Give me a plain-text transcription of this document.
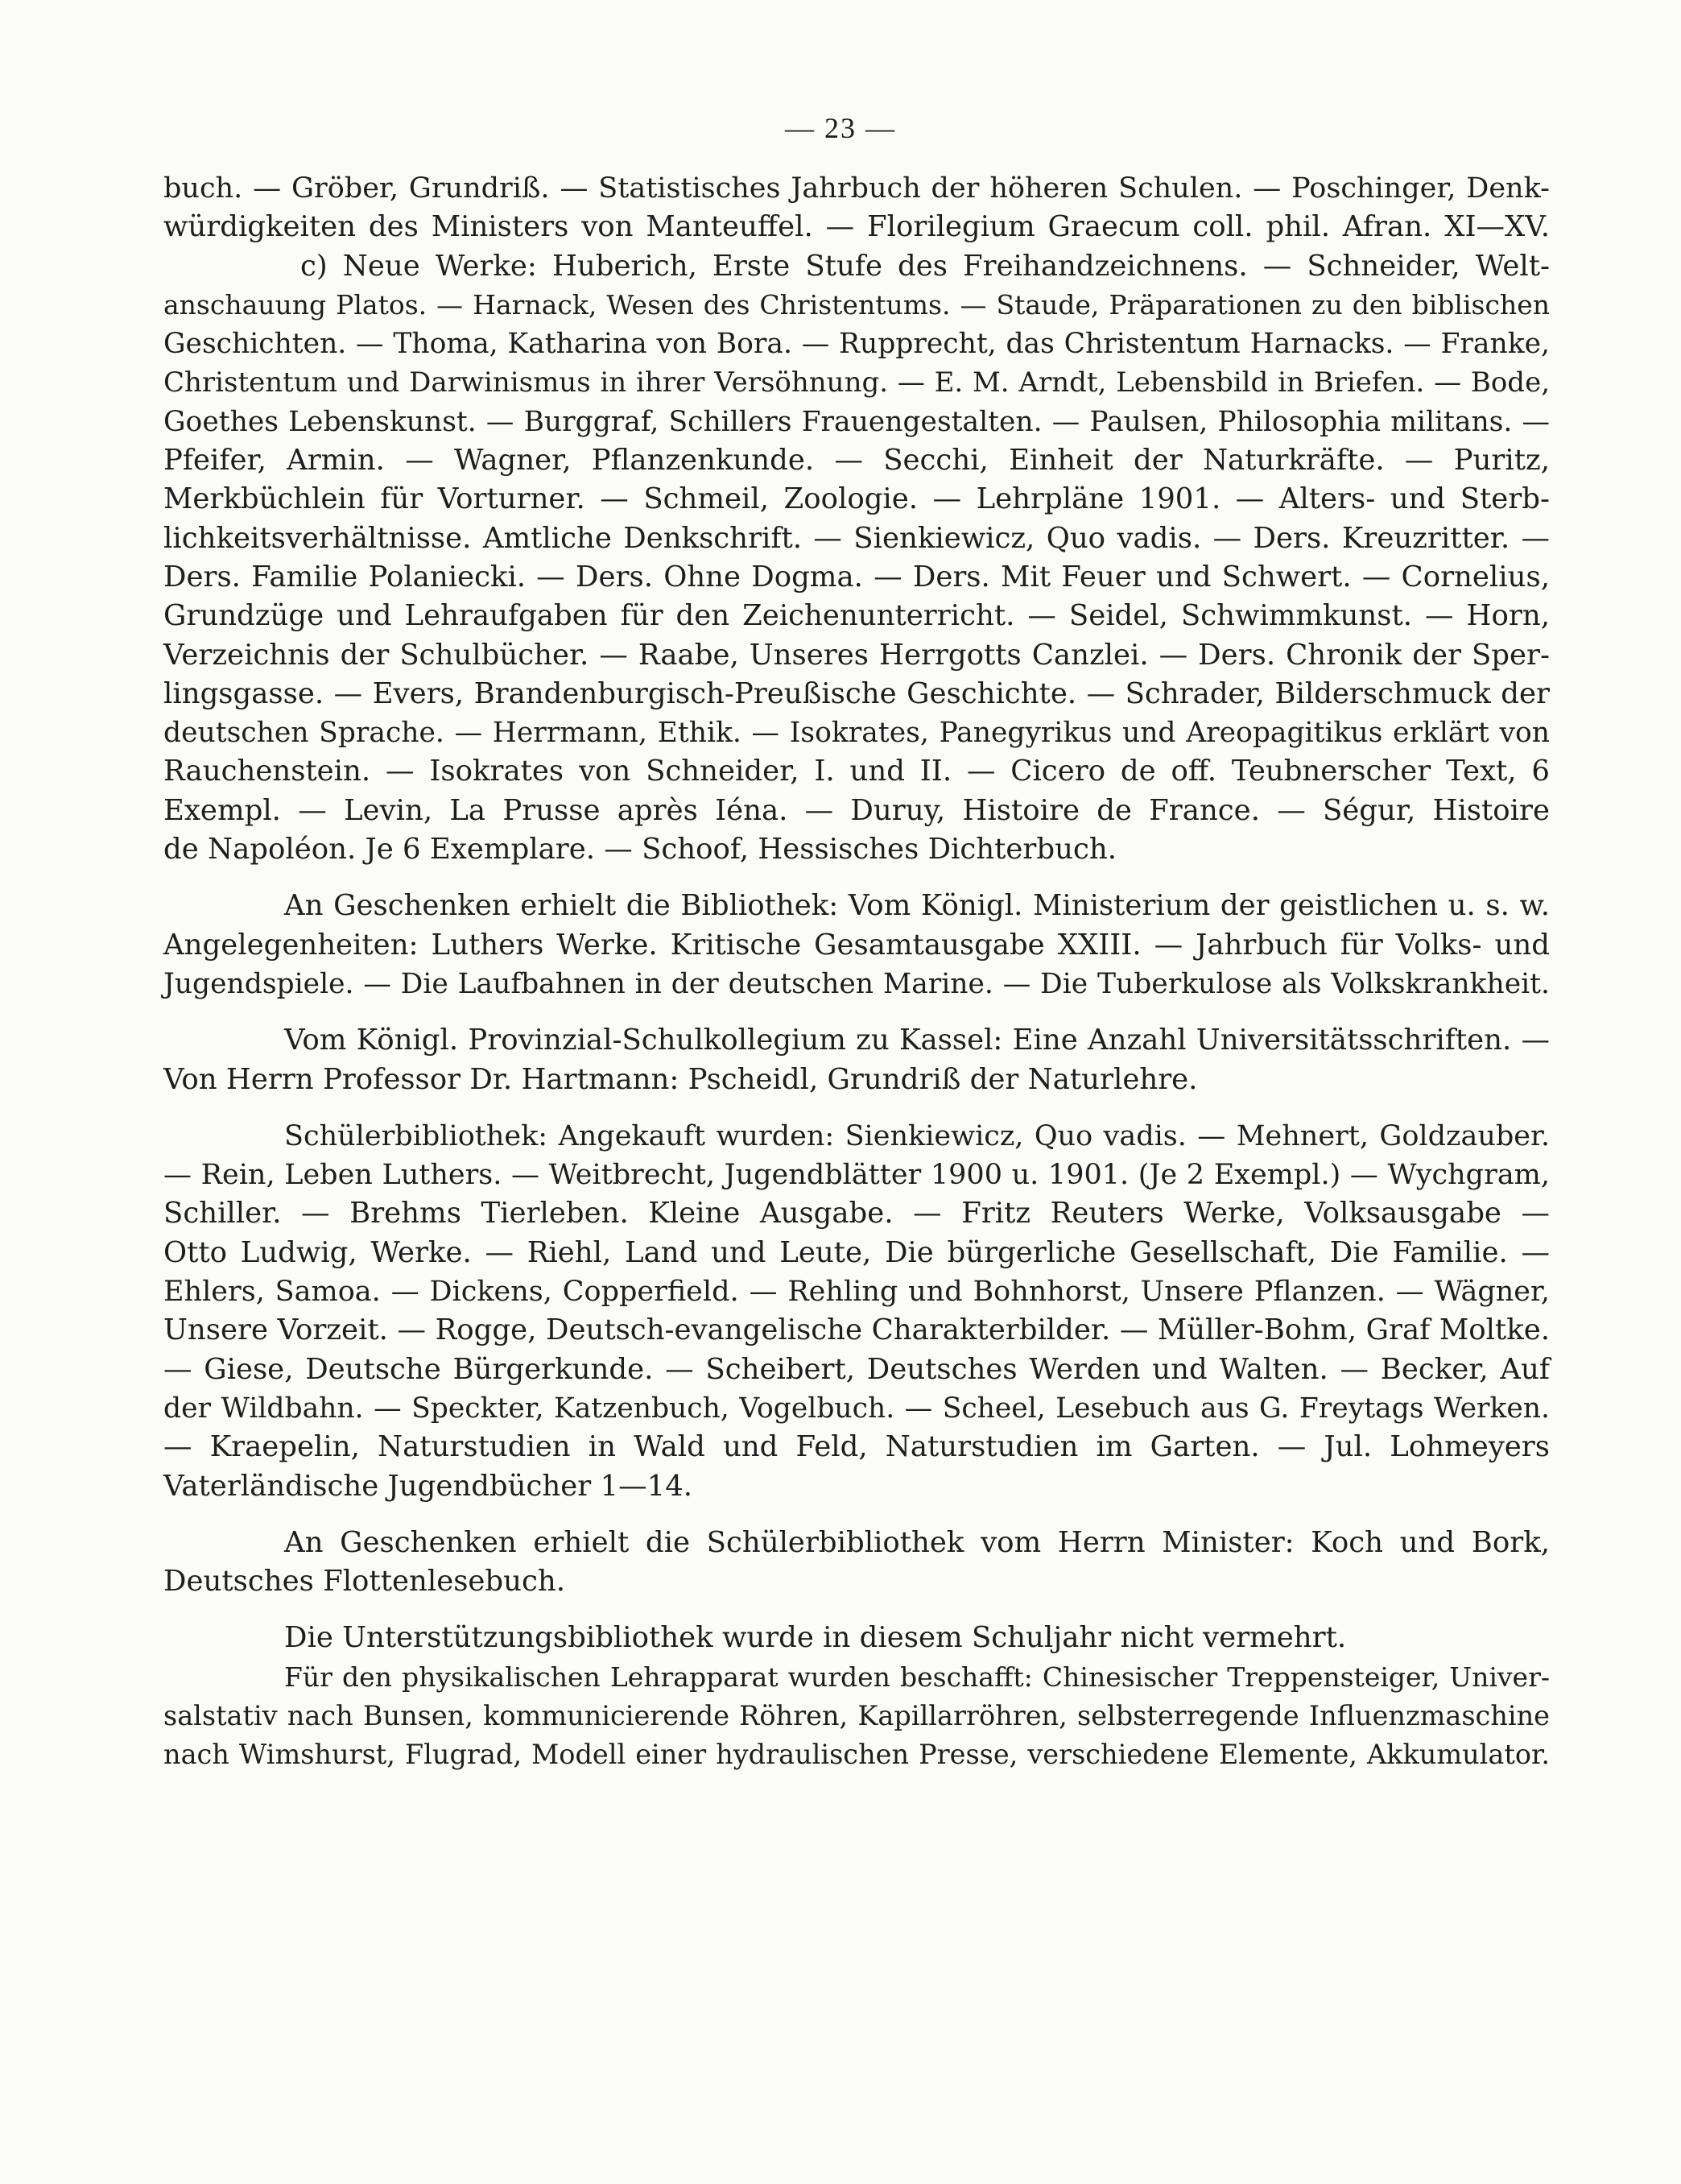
— 23 —
buch. — Gröber, Grundriß. — Statistisches Jahrbuch der höheren Schulen. — Poschinger, Denk-
würdigkeiten des Ministers von Manteuffel. — Florilegium Graecum coll. phil. Afran. XI—XV.
c) Neue Werke: Huberich, Erste Stufe des Freihandzeichnens. — Schneider, Welt-
anschauung Platos. — Harnack, Wesen des Christentums. — Staude, Präparationen zu den biblischen
Geschichten. — Thoma, Katharina von Bora. — Rupprecht, das Christentum Harnacks. — Franke,
Christentum und Darwinismus in ihrer Versöhnung. — E. M. Arndt, Lebensbild in Briefen. — Bode,
Goethes Lebenskunst. — Burggraf, Schillers Frauengestalten. — Paulsen, Philosophia militans. —
Pfeifer, Armin. — Wagner, Pflanzenkunde. — Secchi, Einheit der Naturkräfte. — Puritz,
Merkbüchlein für Vorturner. — Schmeil, Zoologie. — Lehrpläne 1901. — Alters- und Sterb-
lichkeitsverhältnisse. Amtliche Denkschrift. — Sienkiewicz, Quo vadis. — Ders. Kreuzritter. —
Ders. Familie Polaniecki. — Ders. Ohne Dogma. — Ders. Mit Feuer und Schwert. — Cornelius,
Grundzüge und Lehraufgaben für den Zeichenunterricht. — Seidel, Schwimmkunst. — Horn,
Verzeichnis der Schulbücher. — Raabe, Unseres Herrgotts Canzlei. — Ders. Chronik der Sper-
lingsgasse. — Evers, Brandenburgisch-Preußische Geschichte. — Schrader, Bilderschmuck der
deutschen Sprache. — Herrmann, Ethik. — Isokrates, Panegyrikus und Areopagitikus erklärt von
Rauchenstein. — Isokrates von Schneider, I. und II. — Cicero de off. Teubnerscher Text, 6
Exempl. — Levin, La Prusse après Iéna. — Duruy, Histoire de France. — Ségur, Histoire
de Napoléon. Je 6 Exemplare. — Schoof, Hessisches Dichterbuch.
An Geschenken erhielt die Bibliothek: Vom Königl. Ministerium der geistlichen u. s. w.
Angelegenheiten: Luthers Werke. Kritische Gesamtausgabe XXIII. — Jahrbuch für Volks- und
Jugendspiele. — Die Laufbahnen in der deutschen Marine. — Die Tuberkulose als Volkskrankheit.
Vom Königl. Provinzial-Schulkollegium zu Kassel: Eine Anzahl Universitätsschriften. —
Von Herrn Professor Dr. Hartmann: Pscheidl, Grundriß der Naturlehre.
Schülerbibliothek: Angekauft wurden: Sienkiewicz, Quo vadis. — Mehnert, Goldzauber.
— Rein, Leben Luthers. — Weitbrecht, Jugendblätter 1900 u. 1901. (Je 2 Exempl.) — Wychgram,
Schiller. — Brehms Tierleben. Kleine Ausgabe. — Fritz Reuters Werke, Volksausgabe —
Otto Ludwig, Werke. — Riehl, Land und Leute, Die bürgerliche Gesellschaft, Die Familie. —
Ehlers, Samoa. — Dickens, Copperfield. — Rehling und Bohnhorst, Unsere Pflanzen. — Wägner,
Unsere Vorzeit. — Rogge, Deutsch-evangelische Charakterbilder. — Müller-Bohm, Graf Moltke.
— Giese, Deutsche Bürgerkunde. — Scheibert, Deutsches Werden und Walten. — Becker, Auf
der Wildbahn. — Speckter, Katzenbuch, Vogelbuch. — Scheel, Lesebuch aus G. Freytags Werken.
— Kraepelin, Naturstudien in Wald und Feld, Naturstudien im Garten. — Jul. Lohmeyers
Vaterländische Jugendbücher 1—14.
An Geschenken erhielt die Schülerbibliothek vom Herrn Minister: Koch und Bork,
Deutsches Flottenlesebuch.
Die Unterstützungsbibliothek wurde in diesem Schuljahr nicht vermehrt.
Für den physikalischen Lehrapparat wurden beschafft: Chinesischer Treppensteiger, Univer-
salstativ nach Bunsen, kommunicierende Röhren, Kapillarröhren, selbsterregende Influenzmaschine
nach Wimshurst, Flugrad, Modell einer hydraulischen Presse, verschiedene Elemente, Akkumulator.
